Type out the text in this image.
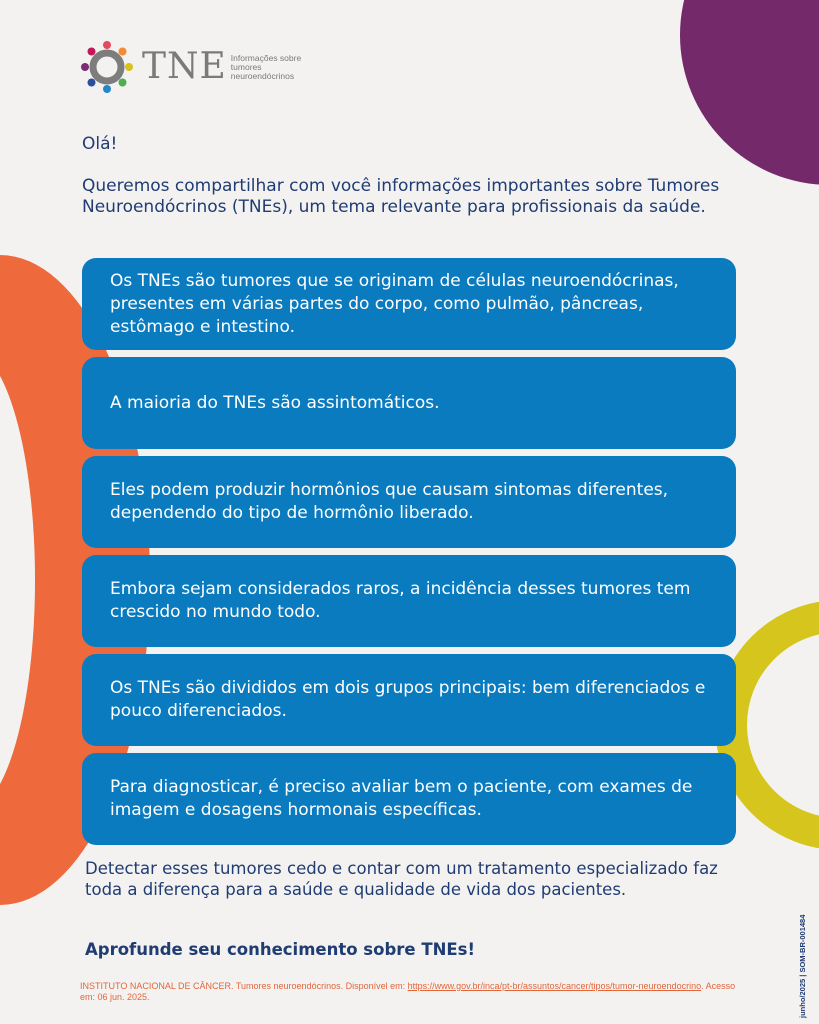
TNE Informações sobre tumores neuroendócrinos

Olá!

Queremos compartilhar com você informações importantes sobre Tumores Neuroendócrinos (TNEs), um tema relevante para profissionais da saúde.

Os TNEs são tumores que se originam de células neuroendócrinas, presentes em várias partes do corpo, como pulmão, pâncreas, estômago e intestino.

A maioria do TNEs são assintomáticos.

Eles podem produzir hormônios que causam sintomas diferentes, dependendo do tipo de hormônio liberado.

Embora sejam considerados raros, a incidência desses tumores tem crescido no mundo todo.

Os TNEs são divididos em dois grupos principais: bem diferenciados e pouco diferenciados.

Para diagnosticar, é preciso avaliar bem o paciente, com exames de imagem e dosagens hormonais específicas.

Detectar esses tumores cedo e contar com um tratamento especializado faz toda a diferença para a saúde e qualidade de vida dos pacientes.

Aprofunde seu conhecimento sobre TNEs!

INSTITUTO NACIONAL DE CÂNCER. Tumores neuroendócrinos. Disponível em: https://www.gov.br/inca/pt-br/assuntos/cancer/tipos/tumor-neuroendocrino. Acesso em: 06 jun. 2025.	junho/2025 | SOM-BR-001484
